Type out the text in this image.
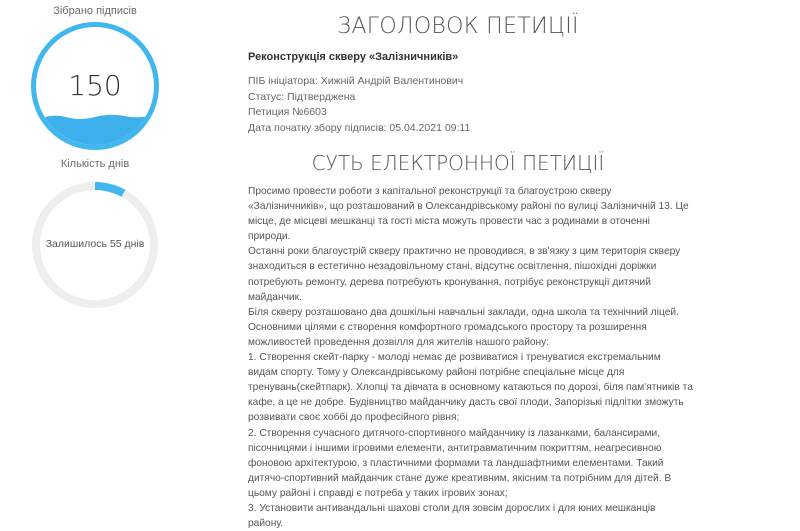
Зібрано підписів
150
Кількість днів
Залишилось 55 днів
ЗАГОЛОВОК ПЕТИЦІЇ
Реконструкція скверу «Залізничників»
ПІБ ініціатора: Хижній Андрій Валентинович
Статус: Підтверджена
Петиция №6603
Дата початку збору підписів: 05.04.2021 09:11
СУТЬ ЕЛЕКТРОННОЇ ПЕТИЦІЇ

Просимо провести роботи з капітальної реконструкції та благоустрою скверу «Залізничників», що розташований в Олександрівському районі по вулиці Залізничній 13. Це місце, де місцеві мешканці та гості міста можуть провести час з родинами в оточенні природи.

Останні роки благоустрій скверу практично не проводився, в зв'язку з цим територія скверу знаходиться в естетично незадовільному стані, відсутнє освітлення, пішохідні доріжки потребують ремонту, дерева потребують кронування, потрібує реконструкції дитячий майданчик.

Біля скверу розташовано два дошкільні навчальні заклади, одна школа та технічний ліцей.

Основними цілями є створення комфортного громадського простору та розширення можливостей проведення дозвілля для жителів нашого району:

1. Створення скейт-парку - молоді немає де розвиватися і тренуватися екстремальним видам спорту. Тому у Олександрівському районі потрібне спеціальне місце для тренувань(скейтпарк). Хлопці та дівчата в основному катаються по дорозі, біля пам'ятників та кафе, а це не добре. Будівництво майданчику дасть свої плоди, Запорізькі підлітки зможуть розвивати своє хоббі до професійного рівня;

2. Створення сучасного дитячого-спортивного майданчику із лазанками, балансирами, пісочницями і іншими ігровими елементи, антитравматичним покриттям, неагресивною фоновою архітектурою, з пластичними формами та ландшафтними елементами. Такий дитячо-спортивний майданчик стане дуже креативним, якісним та потрібним для дітей. В цьому районі і справді є потреба у таких ігрових зонах;

3. Установити антивандальні шахові столи для зовсім дорослих і для юних мешканців району.
